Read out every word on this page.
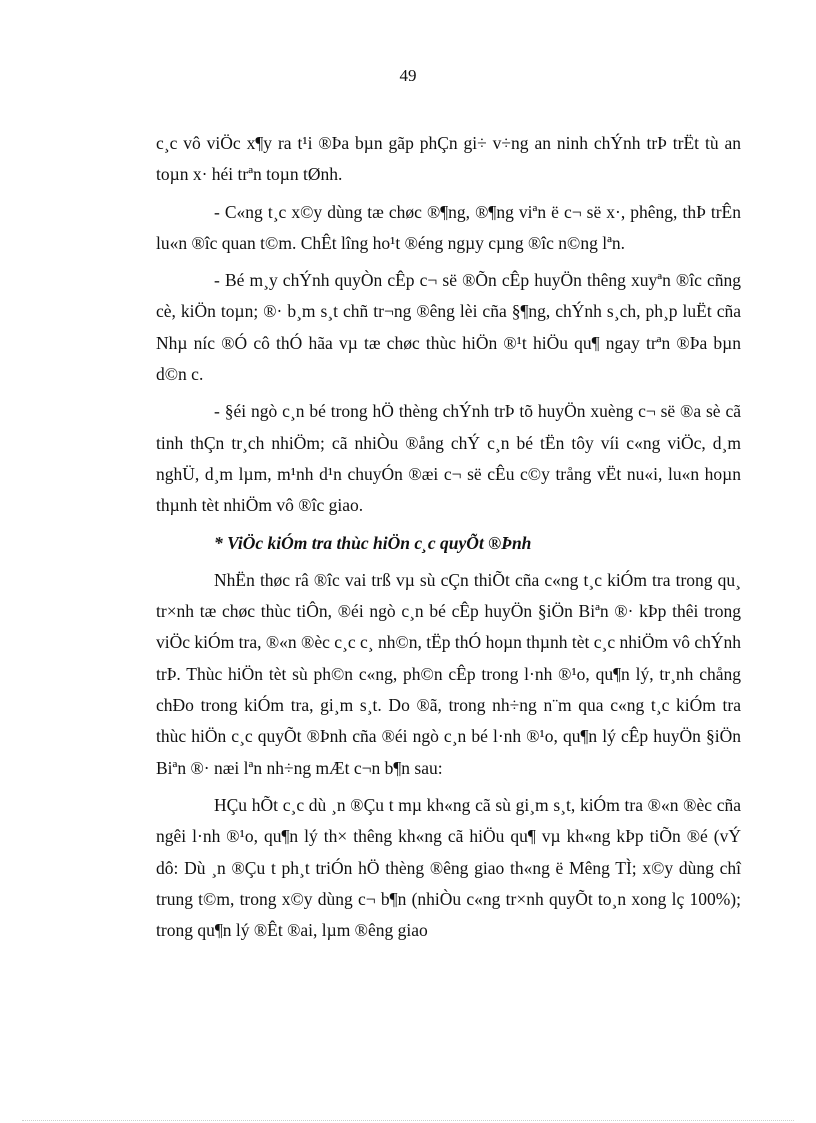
49

c¸c vô viÖc x¶y ra t¹i ®Þa bµn gãp phÇn gi÷ v÷ng an ninh chÝnh trÞ trËt tù an toµn x· héi trªn toµn tØnh.

- C«ng t¸c x©y dùng tæ chøc ®¶ng, ®¶ng viªn ë c¬ së x·, phêng, thÞ trÊn lu«n ®îc quan t©m. ChÊt lîng ho¹t ®éng ngµy cµng ®îc n©ng lªn.

- Bé m¸y chÝnh quyÒn cÊp c¬ së ®Õn cÊp huyÖn thêng xuyªn ®îc cñng cè, kiÖn toµn; ®· b¸m s¸t chñ tr¬ng ®êng lèi cña §¶ng, chÝnh s¸ch, ph¸p luËt cña Nhµ níc ®Ó cô thÓ hãa vµ tæ chøc thùc hiÖn ®¹t hiÖu qu¶ ngay trªn ®Þa bµn d©n c.

- §éi ngò c¸n bé trong hÖ thèng chÝnh trÞ tõ huyÖn xuèng c¬ së ®a sè cã tinh thÇn tr¸ch nhiÖm; cã nhiÒu ®ång chÝ c¸n bé tËn tôy víi c«ng viÖc, d¸m nghÜ, d¸m lµm, m¹nh d¹n chuyÓn ®æi c¬ së cÊu c©y trång vËt nu«i, lu«n hoµn thµnh tèt nhiÖm vô ®îc giao.

* ViÖc kiÓm tra thùc hiÖn c¸c quyÕt ®Þnh

NhËn thøc râ ®îc vai trß vµ sù cÇn thiÕt cña c«ng t¸c kiÓm tra trong qu¸ tr×nh tæ chøc thùc tiÔn, ®éi ngò c¸n bé cÊp huyÖn §iÖn Biªn ®· kÞp thêi trong viÖc kiÓm tra, ®«n ®èc c¸c c¸ nh©n, tËp thÓ hoµn thµnh tèt c¸c nhiÖm vô chÝnh trÞ. Thùc hiÖn tèt sù ph©n c«ng, ph©n cÊp trong l·nh ®¹o, qu¶n lý, tr¸nh chång chÐo trong kiÓm tra, gi¸m s¸t. Do ®ã, trong nh÷ng n¨m qua c«ng t¸c kiÓm tra thùc hiÖn c¸c quyÕt ®Þnh cña ®éi ngò c¸n bé l·nh ®¹o, qu¶n lý cÊp huyÖn §iÖn Biªn ®· næi lªn nh÷ng mÆt c¬n b¶n sau:

HÇu hÕt c¸c dù ¸n ®Çu t mµ kh«ng cã sù gi¸m s¸t, kiÓm tra ®«n ®èc cña ngêi l·nh ®¹o, qu¶n lý th× thêng kh«ng cã hiÖu qu¶ vµ kh«ng kÞp tiÕn ®é (vÝ dô: Dù ¸n ®Çu t ph¸t triÓn hÖ thèng ®êng giao th«ng ë Mêng TÌ; x©y dùng chî trung t©m, trong x©y dùng c¬ b¶n (nhiÒu c«ng tr×nh quyÕt to¸n xong lç 100%); trong qu¶n lý ®Êt ®ai, lµm ®êng giao
